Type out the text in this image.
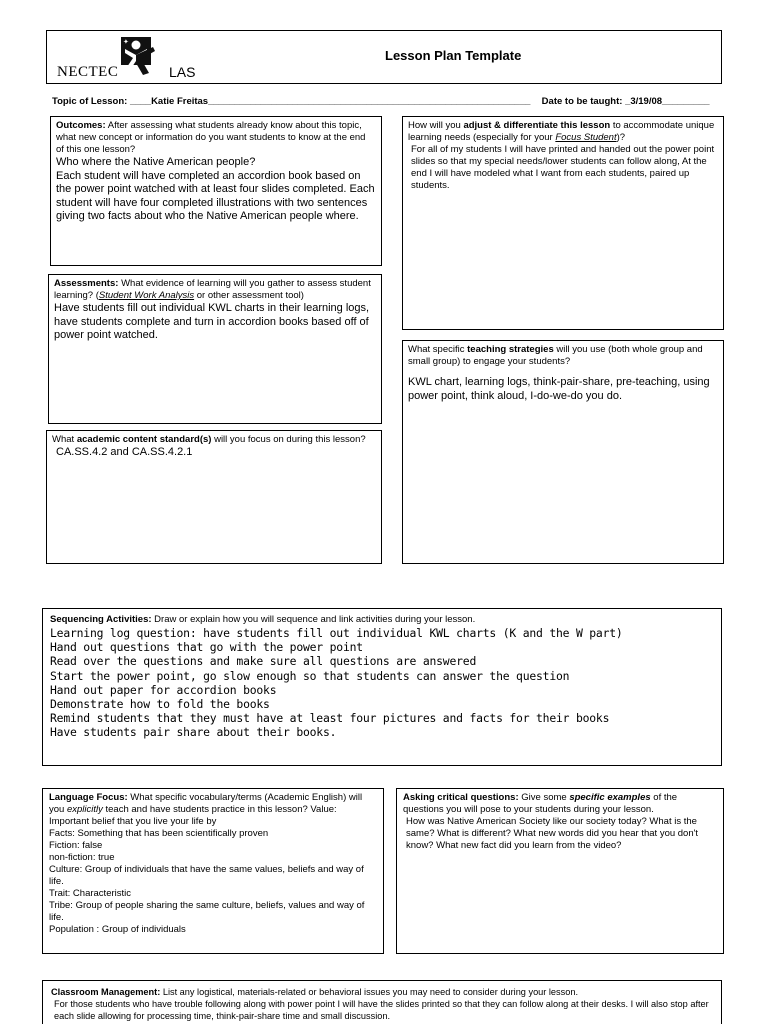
NECTEC
✦
LAS
Lesson Plan Template
Topic of Lesson: ____Katie Freitas_____________________________________________________________ Date to be taught: _3/19/08_________

Outcomes: After assessing what students already know about this topic, what new concept or information do you want students to know at the end of this one lesson?

Who where the Native American people?

Each student will have completed an accordion book based on the power point watched with at least four slides completed. Each student will have four completed illustrations with two sentences giving two facts about who the Native American people where.

Assessments: What evidence of learning will you gather to assess student learning? (Student Work Analysis or other assessment tool)

Have students fill out individual KWL charts in their learning logs, have students complete and turn in accordion books based off of power point watched.

What academic content standard(s) will you focus on during this lesson?

CA.SS.4.2 and CA.SS.4.2.1

How will you adjust & differentiate this lesson to accommodate unique learning needs (especially for your Focus Student)?

For all of my students I will have printed and handed out the power point slides so that my special needs/lower students can follow along, At the end I will have modeled what I want from each students, paired up students.

What specific teaching strategies will you use (both whole group and small group) to engage your students?

KWL chart, learning logs, think-pair-share, pre-teaching, using power point, think aloud, I-do-we-do you do.

Sequencing Activities: Draw or explain how you will sequence and link activities during your lesson.

Learning log question: have students fill out individual KWL charts (K and the W part)

Hand out questions that go with the power point

Read over the questions and make sure all questions are answered

Start the power point, go slow enough so that students can answer the question

Hand out paper for accordion books

Demonstrate how to fold the books

Remind students that they must have at least four pictures and facts for their books

Have students pair share about their books.

Language Focus: What specific vocabulary/terms (Academic English) will you explicitly teach and have students practice in this lesson? Value: Important belief that you live your life by

Facts: Something that has been scientifically proven

Fiction: false

non-fiction: true

Culture: Group of individuals that have the same values, beliefs and way of life.

Trait: Characteristic

Tribe: Group of people sharing the same culture, beliefs, values and way of life.

Population : Group of individuals

Asking critical questions: Give some specific examples of the questions you will pose to your students during your lesson.

How was Native American Society like our society today? What is the same? What is different? What new words did you hear that you don't know? What new fact did you learn from the video?

Classroom Management: List any logistical, materials-related or behavioral issues you may need to consider during your lesson.

For those students who have trouble following along with power point I will have the slides printed so that they can follow along at their desks. I will also stop after each slide allowing for processing time, think-pair-share time and small discussion.
